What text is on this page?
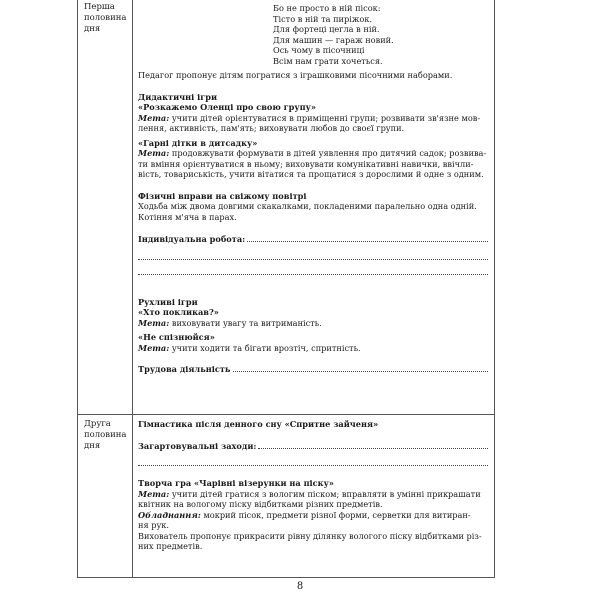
Перша
половина
дня
Друга
половина
дня
Бо не просто в ній пісок:
Тісто в ній та пиріжок.
Для фортеці цегла в ній.
Для машин — гараж новий.
Ось чому в пісочниці
Всім нам грати хочеться.
Педагог пропонує дітям погратися з іграшковими пісочними наборами.
Дидактичні ігри
«Розкажемо Оленці про свою групу»
Мета: учити дітей орієнтуватися в приміщенні групи; розвивати зв'язне мов-
лення, активність, пам'ять; виховувати любов до своєї групи.
«Гарні дітки в дитсадку»
Мета: продовжувати формувати в дітей уявлення про дитячий садок; розвива-
ти вміння орієнтуватися в ньому; виховувати комунікативні навички, ввічли-
вість, товариськість, учити вітатися та прощатися з дорослими й одне з одним.
Фізичні вправи на свіжому повітрі
Ходьба між двома довгими скакалками, покладеними паралельно одна одній.
Котіння м'яча в парах.
Індивідуальна робота:
Рухливі ігри
«Хто покликав?»
Мета: виховувати увагу та витриманість.
«Не спізнюйся»
Мета: учити ходити та бігати врозтіч, спритність.
Трудова діяльність
Гімнастика після денного сну «Спритне зайченя»
Загартовувальні заходи:
Творча гра «Чарівні візерунки на піску»
Мета: учити дітей гратися з вологим піском; вправляти в умінні прикрашати
квітник на вологому піску відбитками різних предметів.
Обладнання: мокрий пісок, предмети різної форми, серветки для витиран-
ня рук.
Вихователь пропонує прикрасити рівну ділянку вологого піску відбитками різ-
них предметів.
8
